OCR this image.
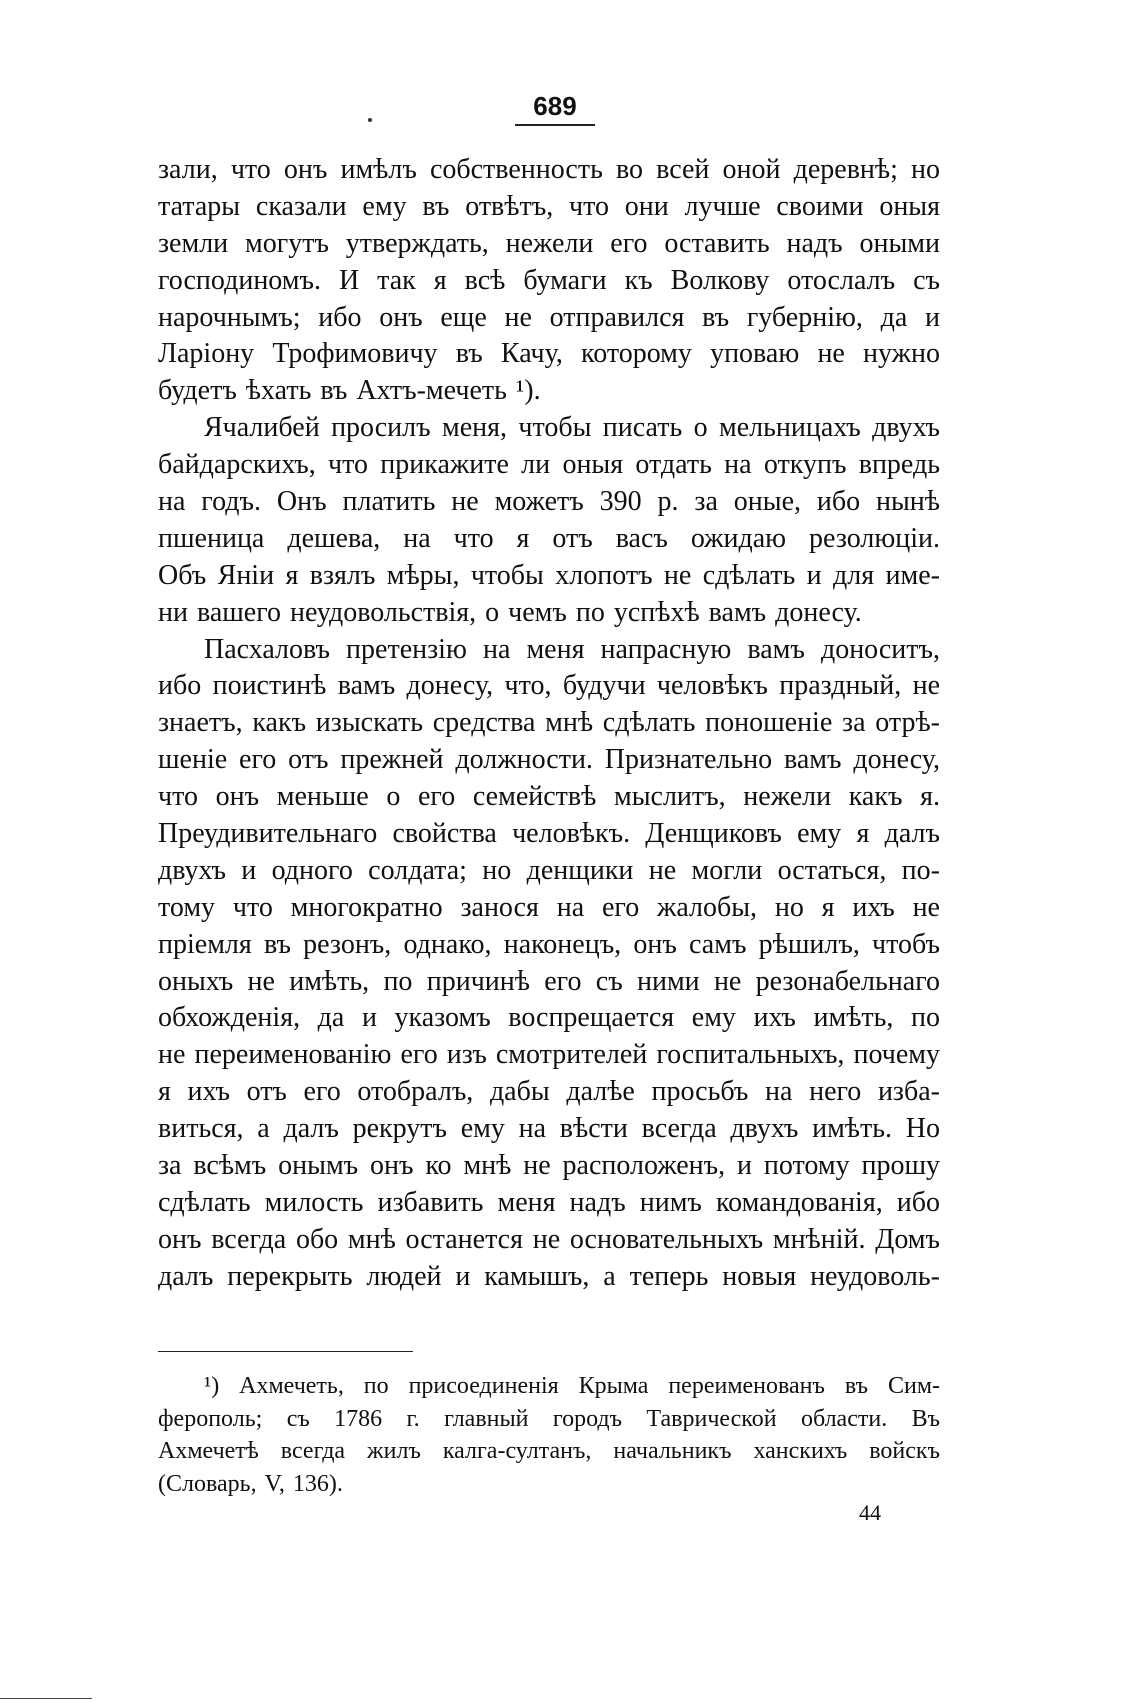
689
зали, что онъ имѣлъ собственность во всей оной деревнѣ; но
татары сказали ему въ отвѣтъ, что они лучше своими оныя
земли могутъ утверждать, нежели его оставить надъ оными
господиномъ. И так я всѣ бумаги къ Волкову отослалъ съ
нарочнымъ; ибо онъ еще не отправился въ губернію, да и
Ларіону Трофимовичу въ Качу, которому уповаю не нужно
будетъ ѣхать въ Ахтъ-мечеть ¹).
Ячалибей просилъ меня, чтобы писать о мельницахъ двухъ
байдарскихъ, что прикажите ли оныя отдать на откупъ впредь
на годъ. Онъ платить не можетъ 390 р. за оные, ибо нынѣ
пшеница дешева, на что я отъ васъ ожидаю резолюціи.
Объ Яніи я взялъ мѣры, чтобы хлопотъ не сдѣлать и для име-
ни вашего неудовольствія, о чемъ по успѣхѣ вамъ донесу.
Пасхаловъ претензію на меня напрасную вамъ доноситъ,
ибо поистинѣ вамъ донесу, что, будучи человѣкъ праздный, не
знаетъ, какъ изыскать средства мнѣ сдѣлать поношеніе за отрѣ-
шеніе его отъ прежней должности. Признательно вамъ донесу,
что онъ меньше о его семействѣ мыслитъ, нежели какъ я.
Преудивительнаго свойства человѣкъ. Денщиковъ ему я далъ
двухъ и одного солдата; но денщики не могли остаться, по-
тому что многократно занося на его жалобы, но я ихъ не
пріемля въ резонъ, однако, наконецъ, онъ самъ рѣшилъ, чтобъ
оныхъ не имѣть, по причинѣ его съ ними не резонабельнаго
обхожденія, да и указомъ воспрещается ему ихъ имѣть, по
не переименованію его изъ смотрителей госпитальныхъ, почему
я ихъ отъ его отобралъ, дабы далѣе просьбъ на него изба-
виться, а далъ рекрутъ ему на вѣсти всегда двухъ имѣть. Но
за всѣмъ онымъ онъ ко мнѣ не расположенъ, и потому прошу
сдѣлать милость избавить меня надъ нимъ командованія, ибо
онъ всегда обо мнѣ останется не основательныхъ мнѣній. Домъ
далъ перекрыть людей и камышъ, а теперь новыя неудоволь-
¹) Ахмечеть, по присоединенія Крыма переименованъ въ Сим-
ферополь; съ 1786 г. главный городъ Таврической области. Въ
Ахмечетѣ всегда жилъ калга-султанъ, начальникъ ханскихъ войскъ
(Словарь, V, 136).
44
